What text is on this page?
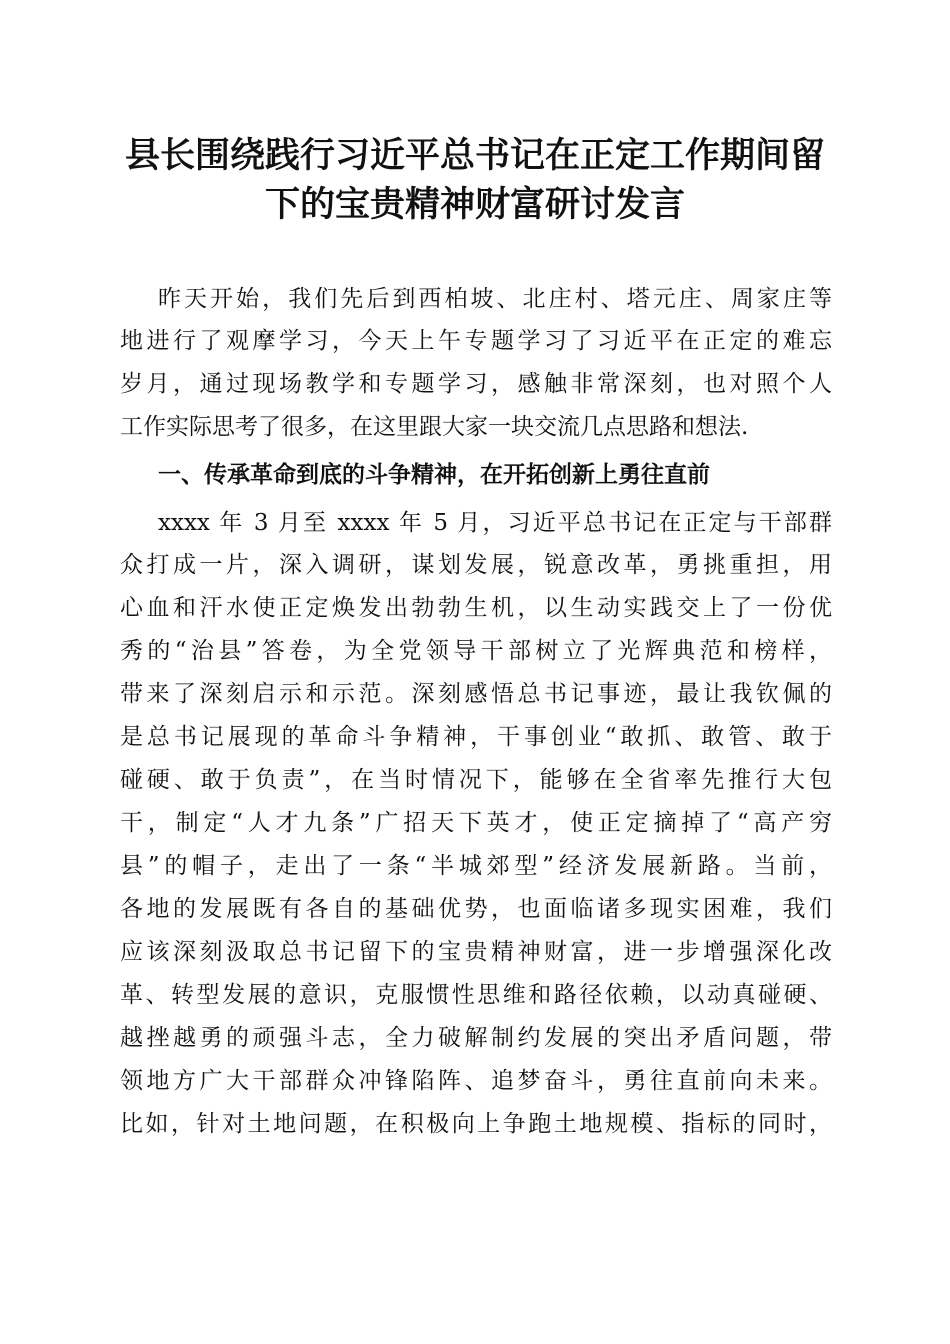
县长围绕践行习近平总书记在正定工作期间留
下的宝贵精神财富研讨发言
昨天开始，我们先后到西柏坡、北庄村、塔元庄、周家庄等
地进行了观摩学习，今天上午专题学习了习近平在正定的难忘
岁月，通过现场教学和专题学习，感触非常深刻，也对照个人
工作实际思考了很多，在这里跟大家一块交流几点思路和想法.
一、传承革命到底的斗争精神，在开拓创新上勇往直前
xxxx 年 3 月至 xxxx 年 5 月，习近平总书记在正定与干部群
众打成一片，深入调研，谋划发展，锐意改革，勇挑重担，用
心血和汗水使正定焕发出勃勃生机，以生动实践交上了一份优
秀的“治县”答卷，为全党领导干部树立了光辉典范和榜样，
带来了深刻启示和示范。深刻感悟总书记事迹，最让我钦佩的
是总书记展现的革命斗争精神，干事创业“敢抓、敢管、敢于
碰硬、敢于负责”，在当时情况下，能够在全省率先推行大包
干，制定“人才九条”广招天下英才，使正定摘掉了“高产穷
县”的帽子，走出了一条“半城郊型”经济发展新路。当前，
各地的发展既有各自的基础优势，也面临诸多现实困难，我们
应该深刻汲取总书记留下的宝贵精神财富，进一步增强深化改
革、转型发展的意识，克服惯性思维和路径依赖，以动真碰硬、
越挫越勇的顽强斗志，全力破解制约发展的突出矛盾问题，带
领地方广大干部群众冲锋陷阵、追梦奋斗，勇往直前向未来。
比如，针对土地问题，在积极向上争跑土地规模、指标的同时，
